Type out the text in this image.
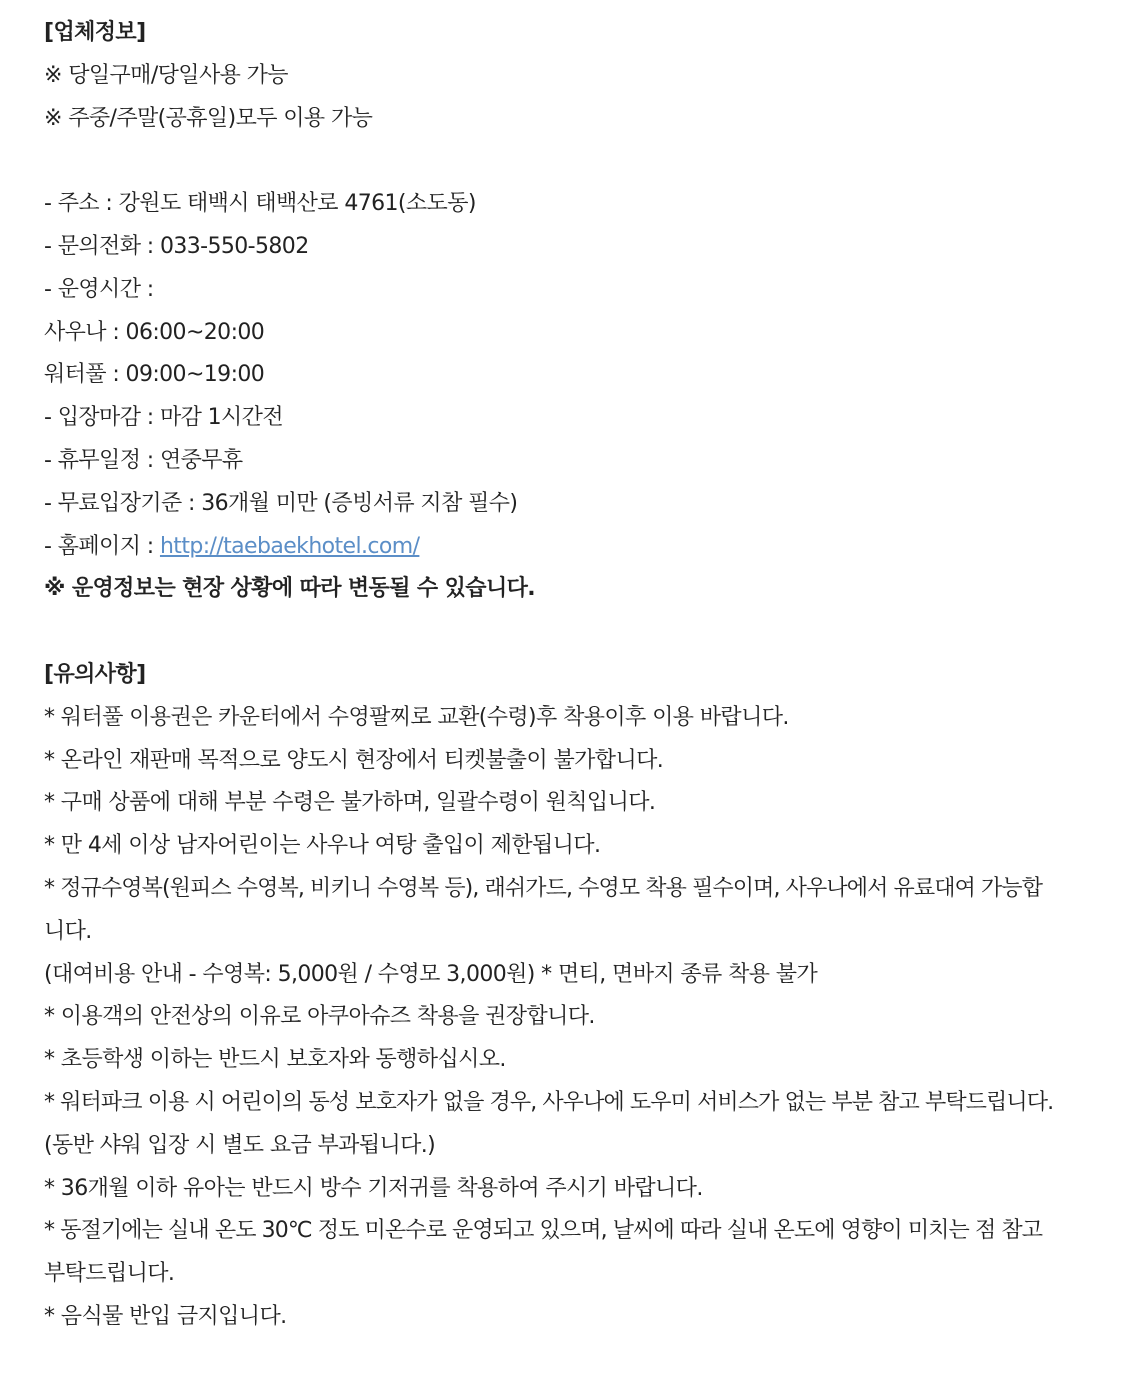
[업체정보]
※ 당일구매/당일사용 가능
※ 주중/주말(공휴일)모두 이용 가능
- 주소 : 강원도 태백시 태백산로 4761(소도동)
- 문의전화 : 033-550-5802
- 운영시간 :
사우나 : 06:00~20:00
워터풀 : 09:00~19:00
- 입장마감 : 마감 1시간전
- 휴무일정 : 연중무휴
- 무료입장기준 : 36개월 미만 (증빙서류 지참 필수)
- 홈페이지 : http://taebaekhotel.com/
※ 운영정보는 현장 상황에 따라 변동될 수 있습니다.
[유의사항]
* 워터풀 이용권은 카운터에서 수영팔찌로 교환(수령)후 착용이후 이용 바랍니다.
* 온라인 재판매 목적으로 양도시 현장에서 티켓불출이 불가합니다.
* 구매 상품에 대해 부분 수령은 불가하며, 일괄수령이 원칙입니다.
* 만 4세 이상 남자어린이는 사우나 여탕 출입이 제한됩니다.
* 정규수영복(원피스 수영복, 비키니 수영복 등), 래쉬가드, 수영모 착용 필수이며, 사우나에서 유료대여 가능합
니다.
(대여비용 안내 - 수영복: 5,000원 / 수영모 3,000원) * 면티, 면바지 종류 착용 불가
* 이용객의 안전상의 이유로 아쿠아슈즈 착용을 권장합니다.
* 초등학생 이하는 반드시 보호자와 동행하십시오.
* 워터파크 이용 시 어린이의 동성 보호자가 없을 경우, 사우나에 도우미 서비스가 없는 부분 참고 부탁드립니다.
(동반 샤워 입장 시 별도 요금 부과됩니다.)
* 36개월 이하 유아는 반드시 방수 기저귀를 착용하여 주시기 바랍니다.
* 동절기에는 실내 온도 30℃ 정도 미온수로 운영되고 있으며, 날씨에 따라 실내 온도에 영향이 미치는 점 참고
부탁드립니다.
* 음식물 반입 금지입니다.
